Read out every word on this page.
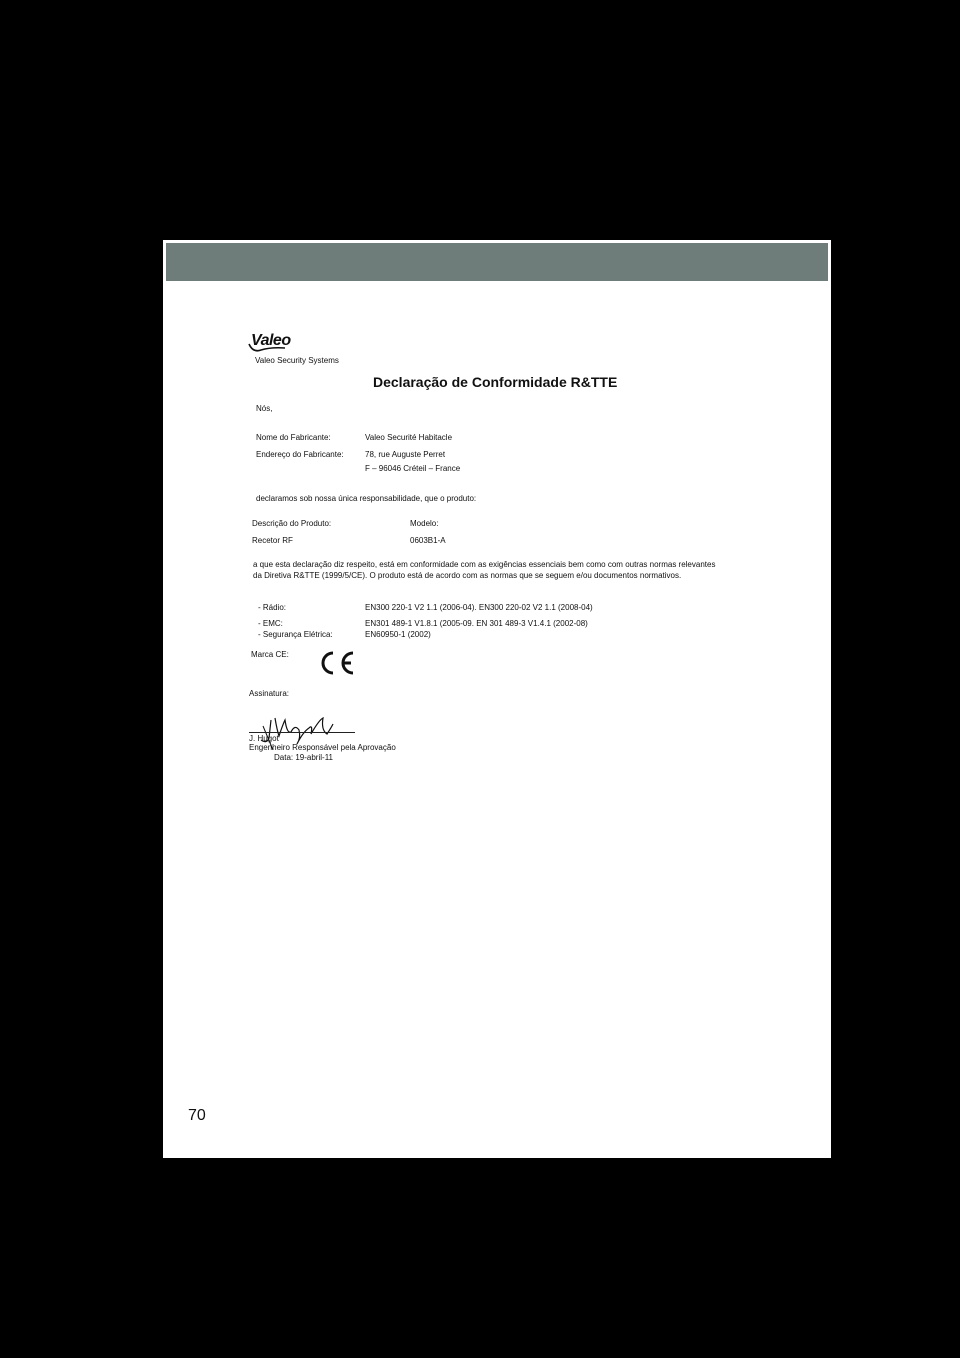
Valeo
Valeo Security Systems
Declaração de Conformidade R&TTE
Nós,
Nome do Fabricante:	Valeo Securité Habitacle
Endereço do Fabricante:	78, rue Auguste Perret
F – 96046 Créteil – France
declaramos sob nossa única responsabilidade, que o produto:
Descrição do Produto:	Modelo:
Recetor RF	0603B1-A
a que esta declaração diz respeito, está em conformidade com as exigências essenciais bem como com outras normas relevantes da Diretiva R&TTE (1999/5/CE). O produto está de acordo com as normas que se seguem e/ou documentos normativos.
- Rádio:	EN300 220-1 V2 1.1 (2006-04). EN300 220-02 V2 1.1 (2008-04)
- EMC:	EN301 489-1 V1.8.1 (2005-09. EN 301 489-3 V1.4.1 (2002-08)
- Segurança Elétrica:	EN60950-1 (2002)
Marca CE:
Assinatura:
J. Hugot
Engenheiro Responsável pela Aprovação
Data: 19-abril-11
70
